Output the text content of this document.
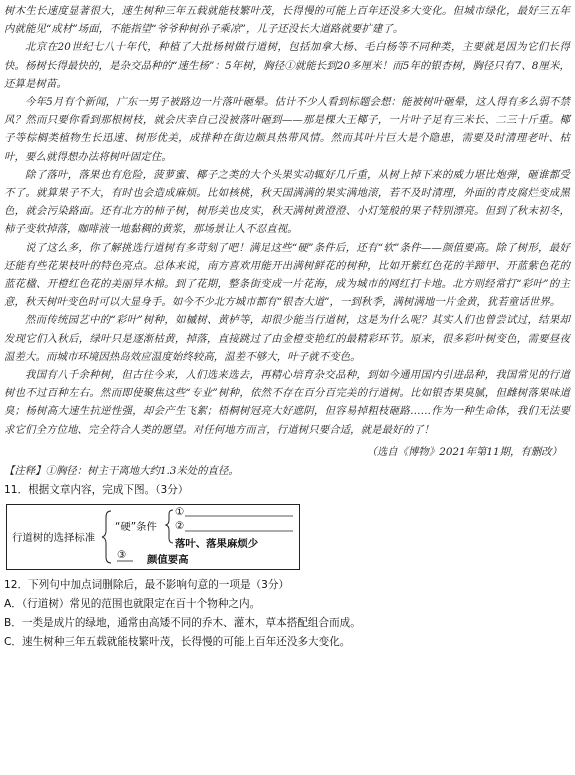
树木生长速度显著很大，速生树种三年五载就能枝繁叶茂，长得慢的可能上百年还没多大变化。但城市绿化，最好三五年内就能见“成材”场面，不能指望“爷爷种树孙子乘凉”，儿子还没长大道路就要扩建了。

北京在20世纪七八十年代，种植了大批杨树做行道树，包括加拿大杨、毛白杨等不同种类，主要就是因为它们长得快。杨树长得最快的，是杂交品种的“速生杨”：5年树，胸径①就能长到20多厘米！而5年的银杏树，胸径只有7、8厘米，还算是树苗。

今年5月有个新闻，广东一男子被路边一片落叶砸晕。估计不少人看到标题会想：能被树叶砸晕，这人得有多么弱不禁风？然而只要你看到那根树枝，就会庆幸自己没被落叶砸到——那是棵大王椰子，一片叶子足有三米长、二三十斤重。椰子等棕榈类植物生长迅速、树形优美，成排种在街边颇具热带风情。然而其叶片巨大是个隐患，需要及时清理老叶、枯叶，要么就得想办法将树叶固定住。

除了落叶，落果也有危险，菠萝蜜、椰子之类的大个头果实动辄好几斤重，从树上掉下来的威力堪比炮弹，砸谁都受不了。就算果子不大，有时也会造成麻烦。比如核桃，秋天国满满的果实满地滚，若不及时清理，外面的青皮腐烂变成黑色，就会污染路面。还有北方的柿子树，树形美也皮实，秋天满树黄澄澄、小灯笼般的果子特别漂亮。但到了秋末初冬，柿子变软掉落，咖啡液一地黏稠的黄浆，那场景让人不忍直视。

说了这么多，你了解挑选行道树有多苛刻了吧！满足这些“硬”条件后，还有“软”条件——颜值要高。除了树形，最好还能有些花果枝叶的特色亮点。总体来说，南方喜欢用能开出满树鲜花的树种，比如开紫红色花的羊蹄甲、开蓝紫色花的蓝花楹、开橙红色花的美丽异木棉。到了花期，整条街变成一片花海，成为城市的网红打卡地。北方则经常打“彩叶”的主意，秋天树叶变色时可以大显身手。如今不少北方城市都有“银杏大道”，一到秋季，满树满地一片金黄，犹若童话世界。

然而传统园艺中的“彩叶”树种，如槭树、黄栌等，却很少能当行道树，这是为什么呢？其实人们也曾尝试过，结果却发现它们入秋后，绿叶只是逐渐枯黄，掉落，直接跳过了由金橙变艳红的最精彩环节。原来，很多彩叶树变色，需要昼夜温差大。而城市环境因热岛效应温度始终较高，温差不够大，叶子就不变色。

我国有八千余种树，但古往今来，人们选来选去，再精心培育杂交品种，到如今通用国内引进品种，我国常见的行道树也不过百种左右。然而即使聚焦这些“专业”树种，依然不存在百分百完美的行道树。比如银杏果臭腻，但雌树落果味道臭；杨树高大速生抗逆性强，却会产生飞絮；梧桐树冠亮大好遮阴，但容易掉粗枝砸路……作为一种生命体，我们无法要求它们全方位地、完全符合人类的愿望。对任何地方而言，行道树只要合适，就是最好的了！

（选自《博物》2021年第11期，有删改）

【注释】①胸径：树主干离地大约1.3米处的直径。

11．根据文章内容，完成下图。（3分）

行道树的选择标准
“硬”条件
①
②
落叶、落果麻烦少
③ 颜值要高

12．下列句中加点词删除后，最不影响句意的一项是（3分）

A．（行道树）常见的范围也就限定在百十个物种之内。

B．一类是成片的绿地，通常由高矮不同的乔木、灌木，草本搭配组合而成。

C．速生树种三年五载就能枝繁叶茂，长得慢的可能上百年还没多大变化。
